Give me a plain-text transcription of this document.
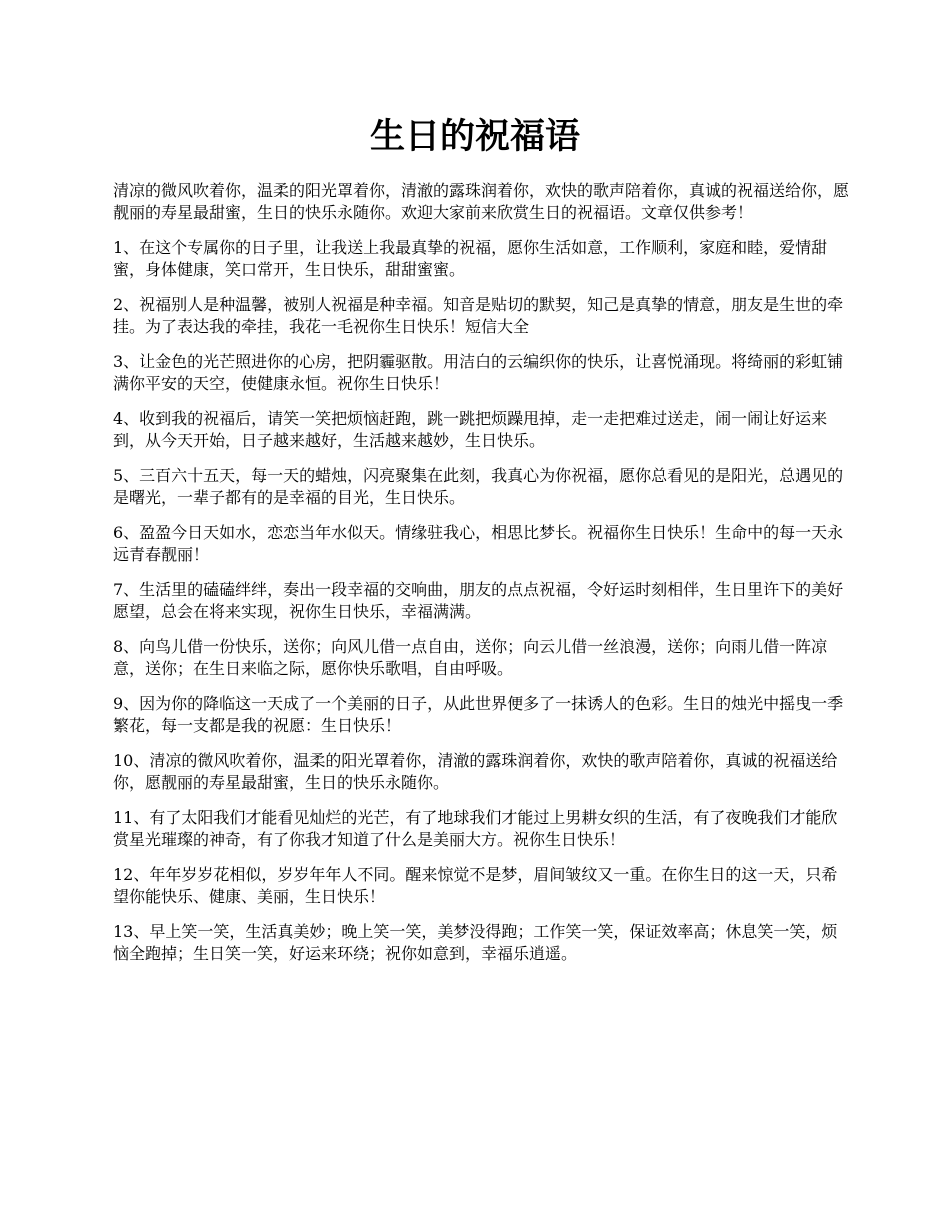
生日的祝福语

清凉的微风吹着你，温柔的阳光罩着你，清澈的露珠润着你，欢快的歌声陪着你，真诚的祝福送给你，愿靓丽的寿星最甜蜜，生日的快乐永随你。欢迎大家前来欣赏生日的祝福语。文章仅供参考！

1、在这个专属你的日子里，让我送上我最真挚的祝福，愿你生活如意，工作顺利，家庭和睦，爱情甜蜜，身体健康，笑口常开，生日快乐，甜甜蜜蜜。

2、祝福别人是种温馨，被别人祝福是种幸福。知音是贴切的默契，知己是真挚的情意，朋友是生世的牵挂。为了表达我的牵挂，我花一毛祝你生日快乐！短信大全

3、让金色的光芒照进你的心房，把阴霾驱散。用洁白的云编织你的快乐，让喜悦涌现。将绮丽的彩虹铺满你平安的天空，使健康永恒。祝你生日快乐！

4、收到我的祝福后，请笑一笑把烦恼赶跑，跳一跳把烦躁甩掉，走一走把难过送走，闹一闹让好运来到，从今天开始，日子越来越好，生活越来越妙，生日快乐。

5、三百六十五天，每一天的蜡烛，闪亮聚集在此刻，我真心为你祝福，愿你总看见的是阳光，总遇见的是曙光，一辈子都有的是幸福的目光，生日快乐。

6、盈盈今日天如水，恋恋当年水似天。情缘驻我心，相思比梦长。祝福你生日快乐！生命中的每一天永远青春靓丽！

7、生活里的磕磕绊绊，奏出一段幸福的交响曲，朋友的点点祝福，令好运时刻相伴，生日里许下的美好愿望，总会在将来实现，祝你生日快乐，幸福满满。

8、向鸟儿借一份快乐，送你；向风儿借一点自由，送你；向云儿借一丝浪漫，送你；向雨儿借一阵凉意，送你；在生日来临之际，愿你快乐歌唱，自由呼吸。

9、因为你的降临这一天成了一个美丽的日子，从此世界便多了一抹诱人的色彩。生日的烛光中摇曳一季繁花，每一支都是我的祝愿：生日快乐！

10、清凉的微风吹着你，温柔的阳光罩着你，清澈的露珠润着你，欢快的歌声陪着你，真诚的祝福送给你，愿靓丽的寿星最甜蜜，生日的快乐永随你。

11、有了太阳我们才能看见灿烂的光芒，有了地球我们才能过上男耕女织的生活，有了夜晚我们才能欣赏星光璀璨的神奇，有了你我才知道了什么是美丽大方。祝你生日快乐！

12、年年岁岁花相似，岁岁年年人不同。醒来惊觉不是梦，眉间皱纹又一重。在你生日的这一天，只希望你能快乐、健康、美丽，生日快乐！

13、早上笑一笑，生活真美妙；晚上笑一笑，美梦没得跑；工作笑一笑，保证效率高；休息笑一笑，烦恼全跑掉；生日笑一笑，好运来环绕；祝你如意到，幸福乐逍遥。
